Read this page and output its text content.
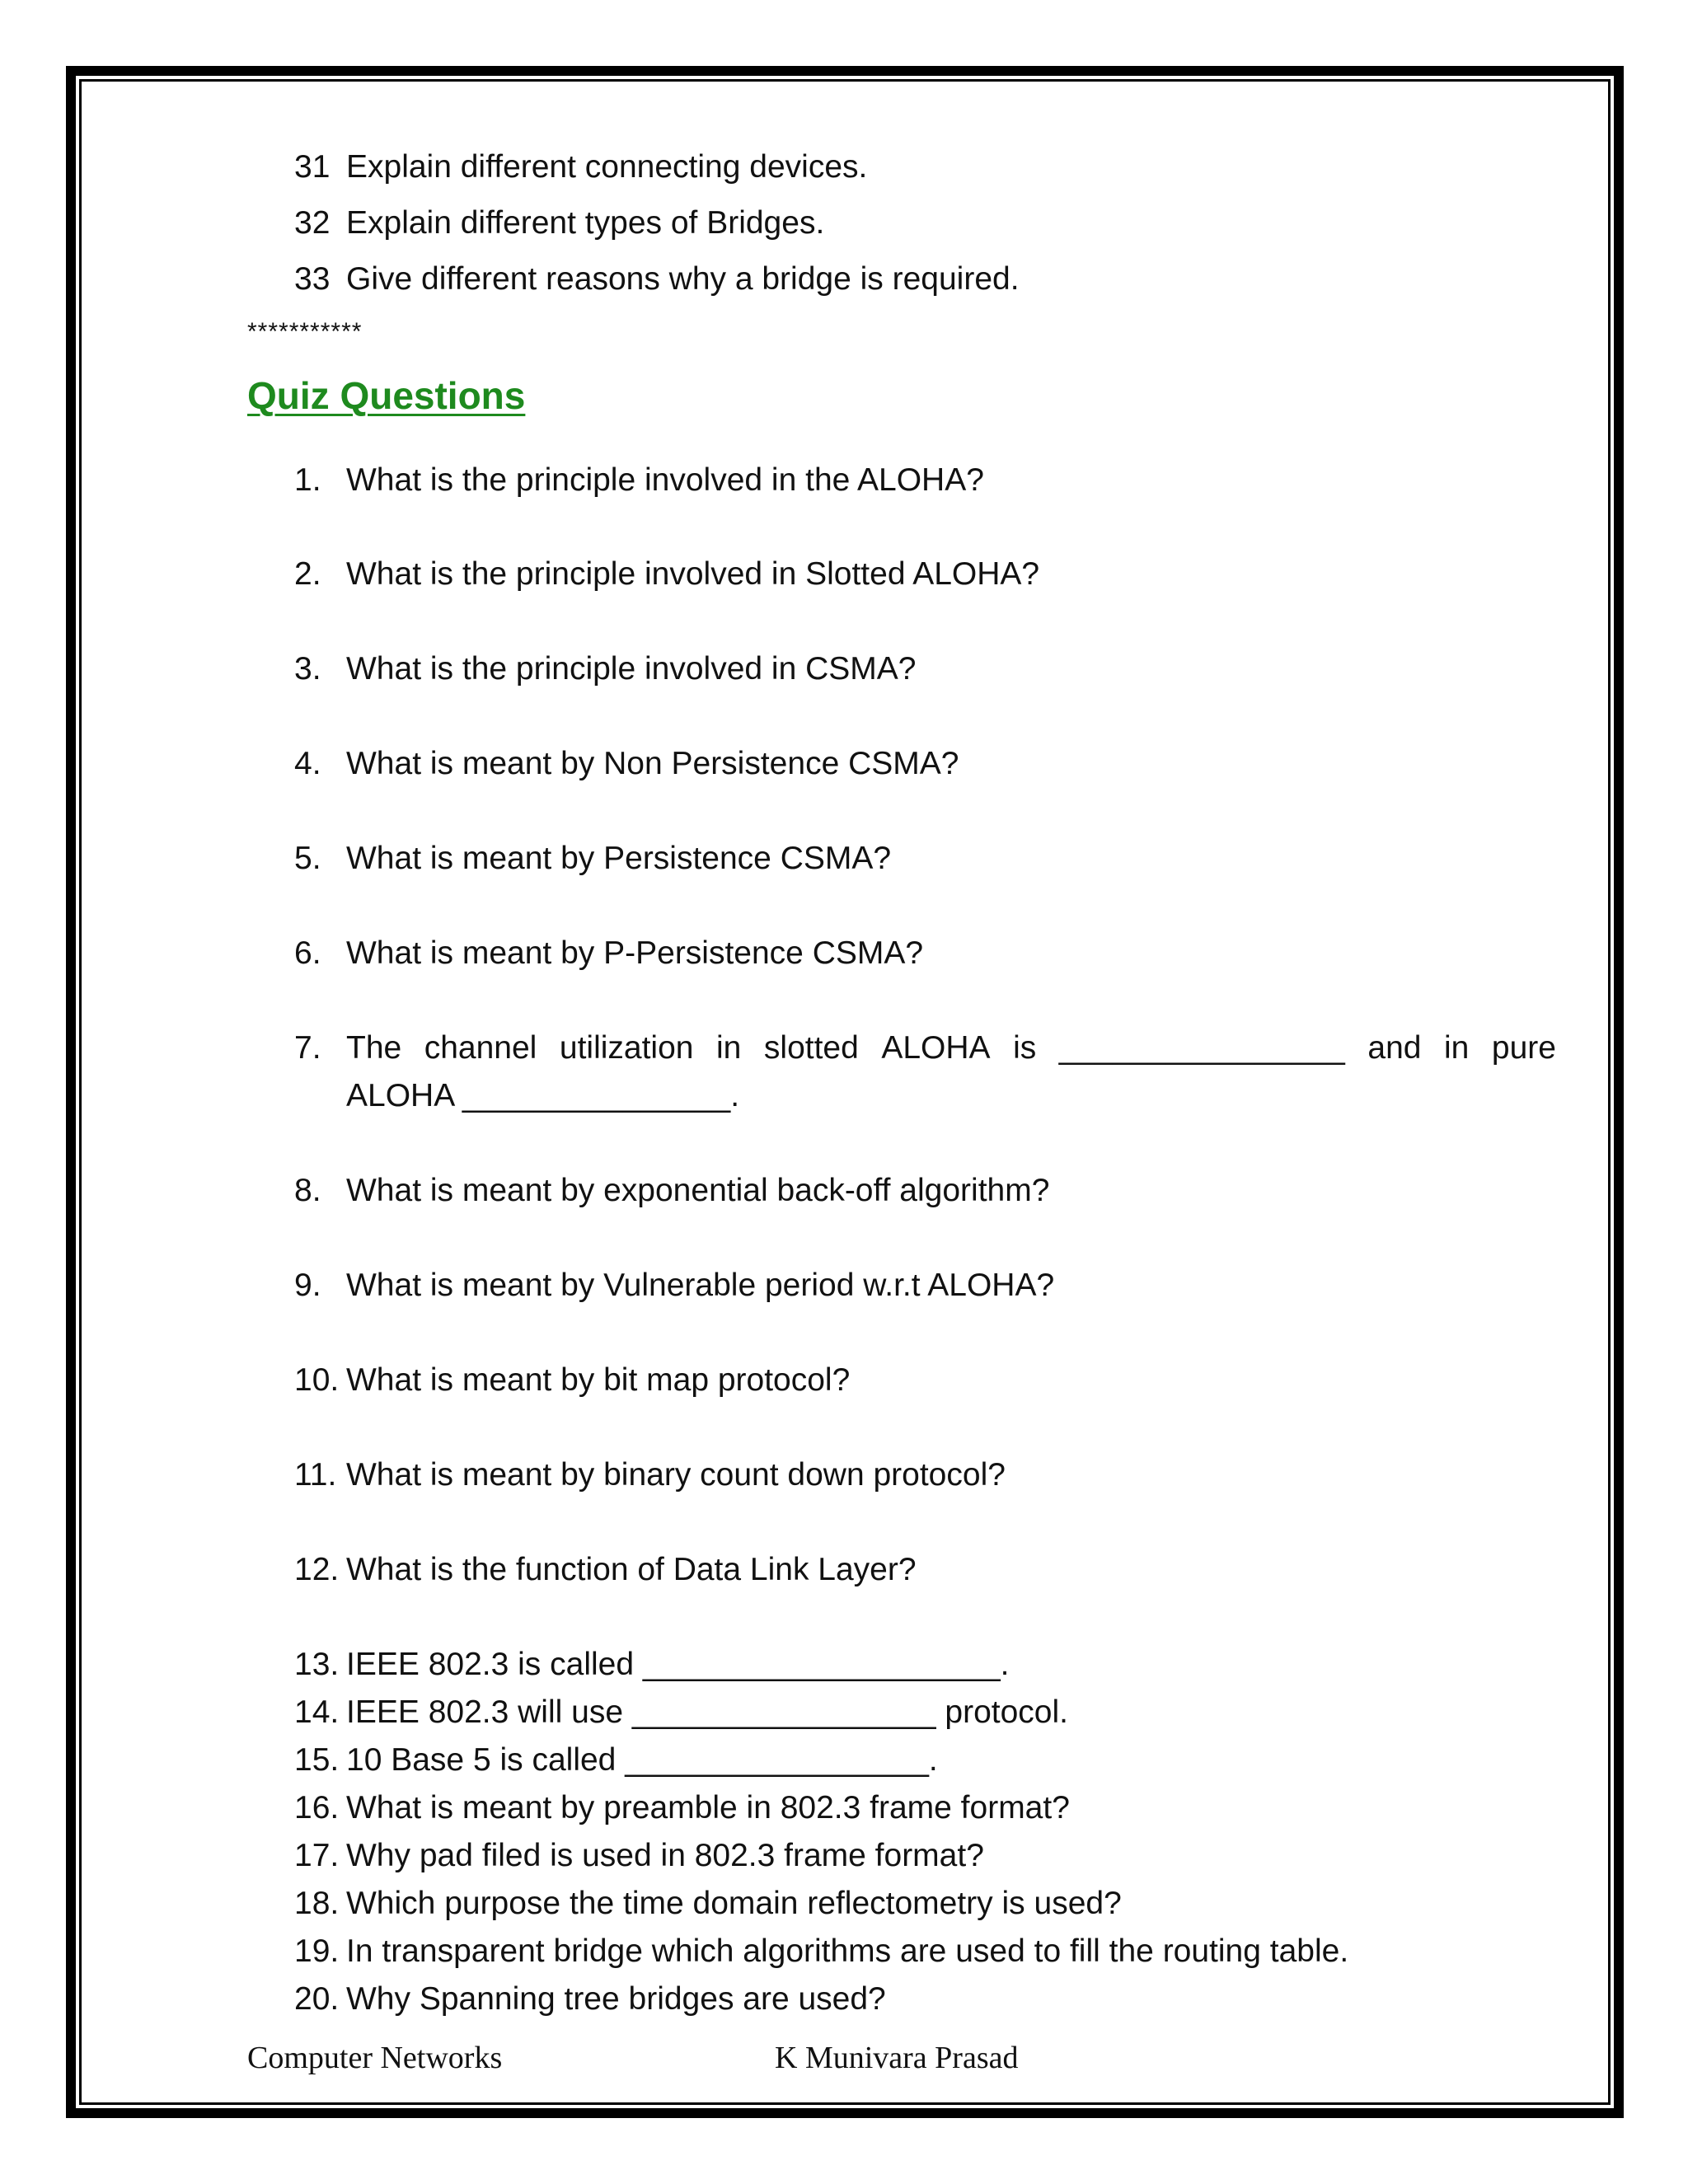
31 Explain different connecting devices.
32 Explain different types of Bridges.
33 Give different reasons why a bridge is required.
***********
Quiz Questions
1. What is the principle involved in the ALOHA?
2. What is the principle involved in Slotted ALOHA?
3. What is the principle involved in CSMA?
4. What is meant by Non Persistence CSMA?
5. What is meant by Persistence CSMA?
6. What is meant by P-Persistence CSMA?
7. The channel utilization in slotted ALOHA is ________________ and in pure
ALOHA _______________.
8. What is meant by exponential back-off algorithm?
9. What is meant by Vulnerable period w.r.t ALOHA?
10. What is meant by bit map protocol?
11. What is meant by binary count down protocol?
12. What is the function of Data Link Layer?
13. IEEE 802.3 is called ____________________.
14. IEEE 802.3 will use _________________ protocol.
15. 10 Base 5 is called _________________.
16. What is meant by preamble in 802.3 frame format?
17. Why pad filed is used in 802.3 frame format?
18. Which purpose the time domain reflectometry is used?
19. In transparent bridge which algorithms are used to fill the routing table.
20. Why Spanning tree bridges are used?
Computer Networks	K Munivara Prasad
